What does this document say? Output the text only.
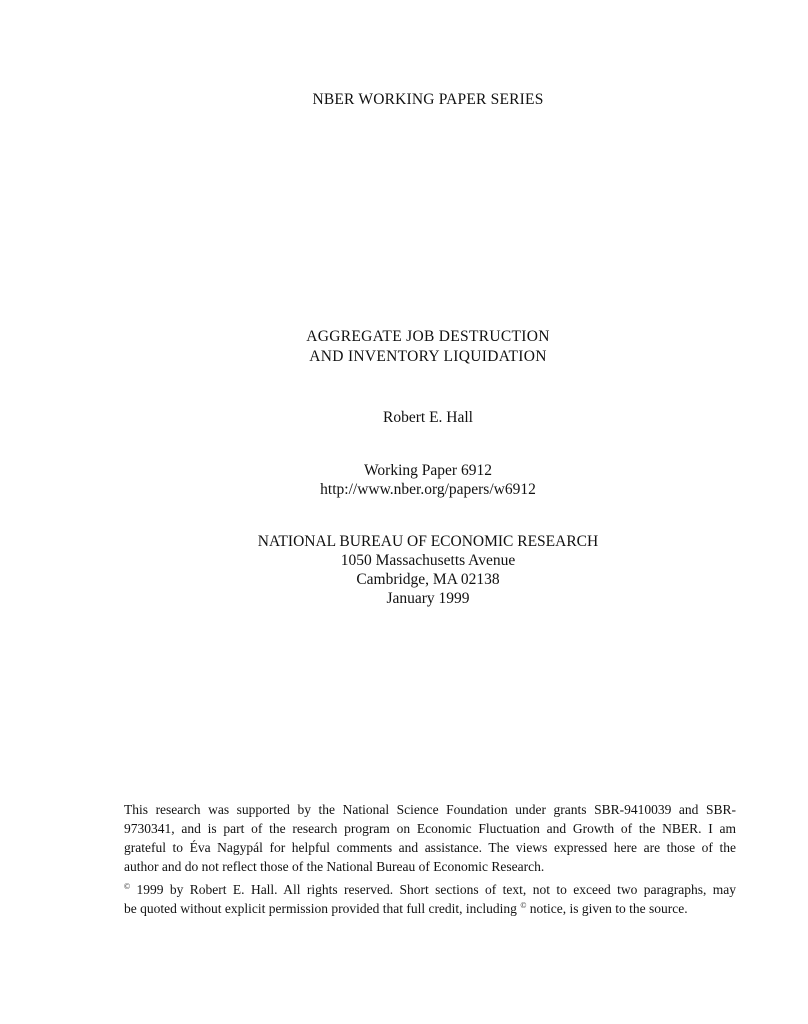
NBER WORKING PAPER SERIES
AGGREGATE JOB DESTRUCTION
AND INVENTORY LIQUIDATION
Robert E. Hall
Working Paper 6912
http://www.nber.org/papers/w6912
NATIONAL BUREAU OF ECONOMIC RESEARCH
1050 Massachusetts Avenue
Cambridge, MA 02138
January 1999
This research was supported by the National Science Foundation under grants SBR-9410039 and SBR-
9730341, and is part of the research program on Economic Fluctuation and Growth of the NBER. I am
grateful to Éva Nagypál for helpful comments and assistance. The views expressed here are those of the
author and do not reflect those of the National Bureau of Economic Research.
© 1999 by Robert E. Hall. All rights reserved. Short sections of text, not to exceed two paragraphs, may
be quoted without explicit permission provided that full credit, including © notice, is given to the source.
